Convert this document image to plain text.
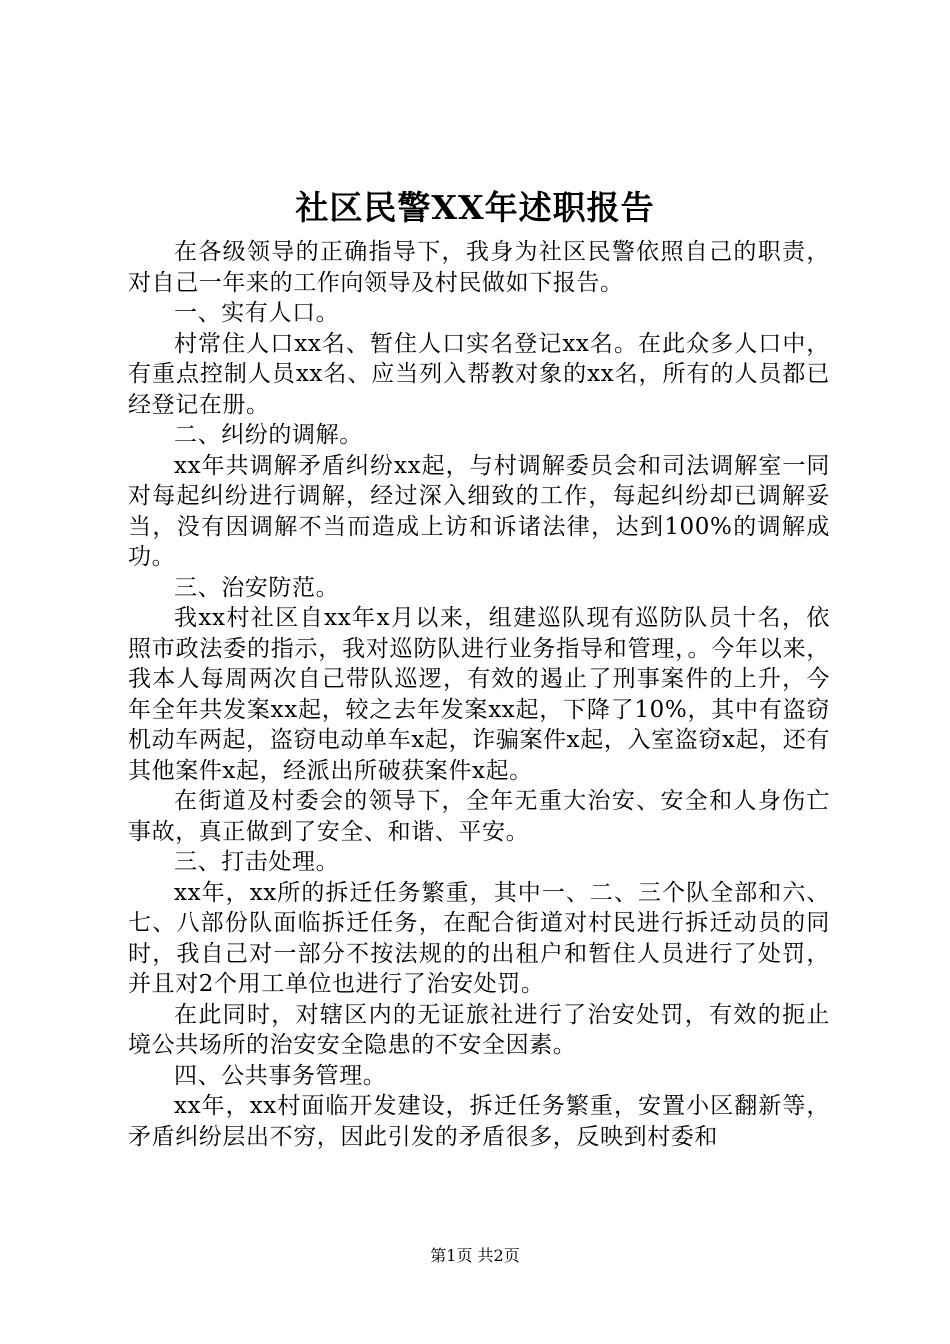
社区民警XX年述职报告

在各级领导的正确指导下，我身为社区民警依照自己的职责，对自己一年来的工作向领导及村民做如下报告。

一、实有人口。

村常住人口xx名、暂住人口实名登记xx名。在此众多人口中，有重点控制人员xx名、应当列入帮教对象的xx名，所有的人员都已经登记在册。

二、纠纷的调解。

xx年共调解矛盾纠纷xx起，与村调解委员会和司法调解室一同对每起纠纷进行调解，经过深入细致的工作，每起纠纷却已调解妥当，没有因调解不当而造成上访和诉诸法律，达到100%的调解成功。

三、治安防范。

我xx村社区自xx年x月以来，组建巡队现有巡防队员十名，依照市政法委的指示，我对巡防队进行业务指导和管理，。今年以来，我本人每周两次自己带队巡逻，有效的遏止了刑事案件的上升，今年全年共发案xx起，较之去年发案xx起，下降了10%，其中有盗窃机动车两起，盗窃电动单车x起，诈骗案件x起，入室盗窃x起，还有其他案件x起，经派出所破获案件x起。

在街道及村委会的领导下，全年无重大治安、安全和人身伤亡事故，真正做到了安全、和谐、平安。

三、打击处理。

xx年，xx所的拆迁任务繁重，其中一、二、三个队全部和六、七、八部份队面临拆迁任务，在配合街道对村民进行拆迁动员的同时，我自己对一部分不按法规的的出租户和暂住人员进行了处罚，并且对2个用工单位也进行了治安处罚。

在此同时，对辖区内的无证旅社进行了治安处罚，有效的扼止境公共场所的治安安全隐患的不安全因素。

四、公共事务管理。

xx年，xx村面临开发建设，拆迁任务繁重，安置小区翻新等，矛盾纠纷层出不穷，因此引发的矛盾很多，反映到村委和

第1页 共2页
